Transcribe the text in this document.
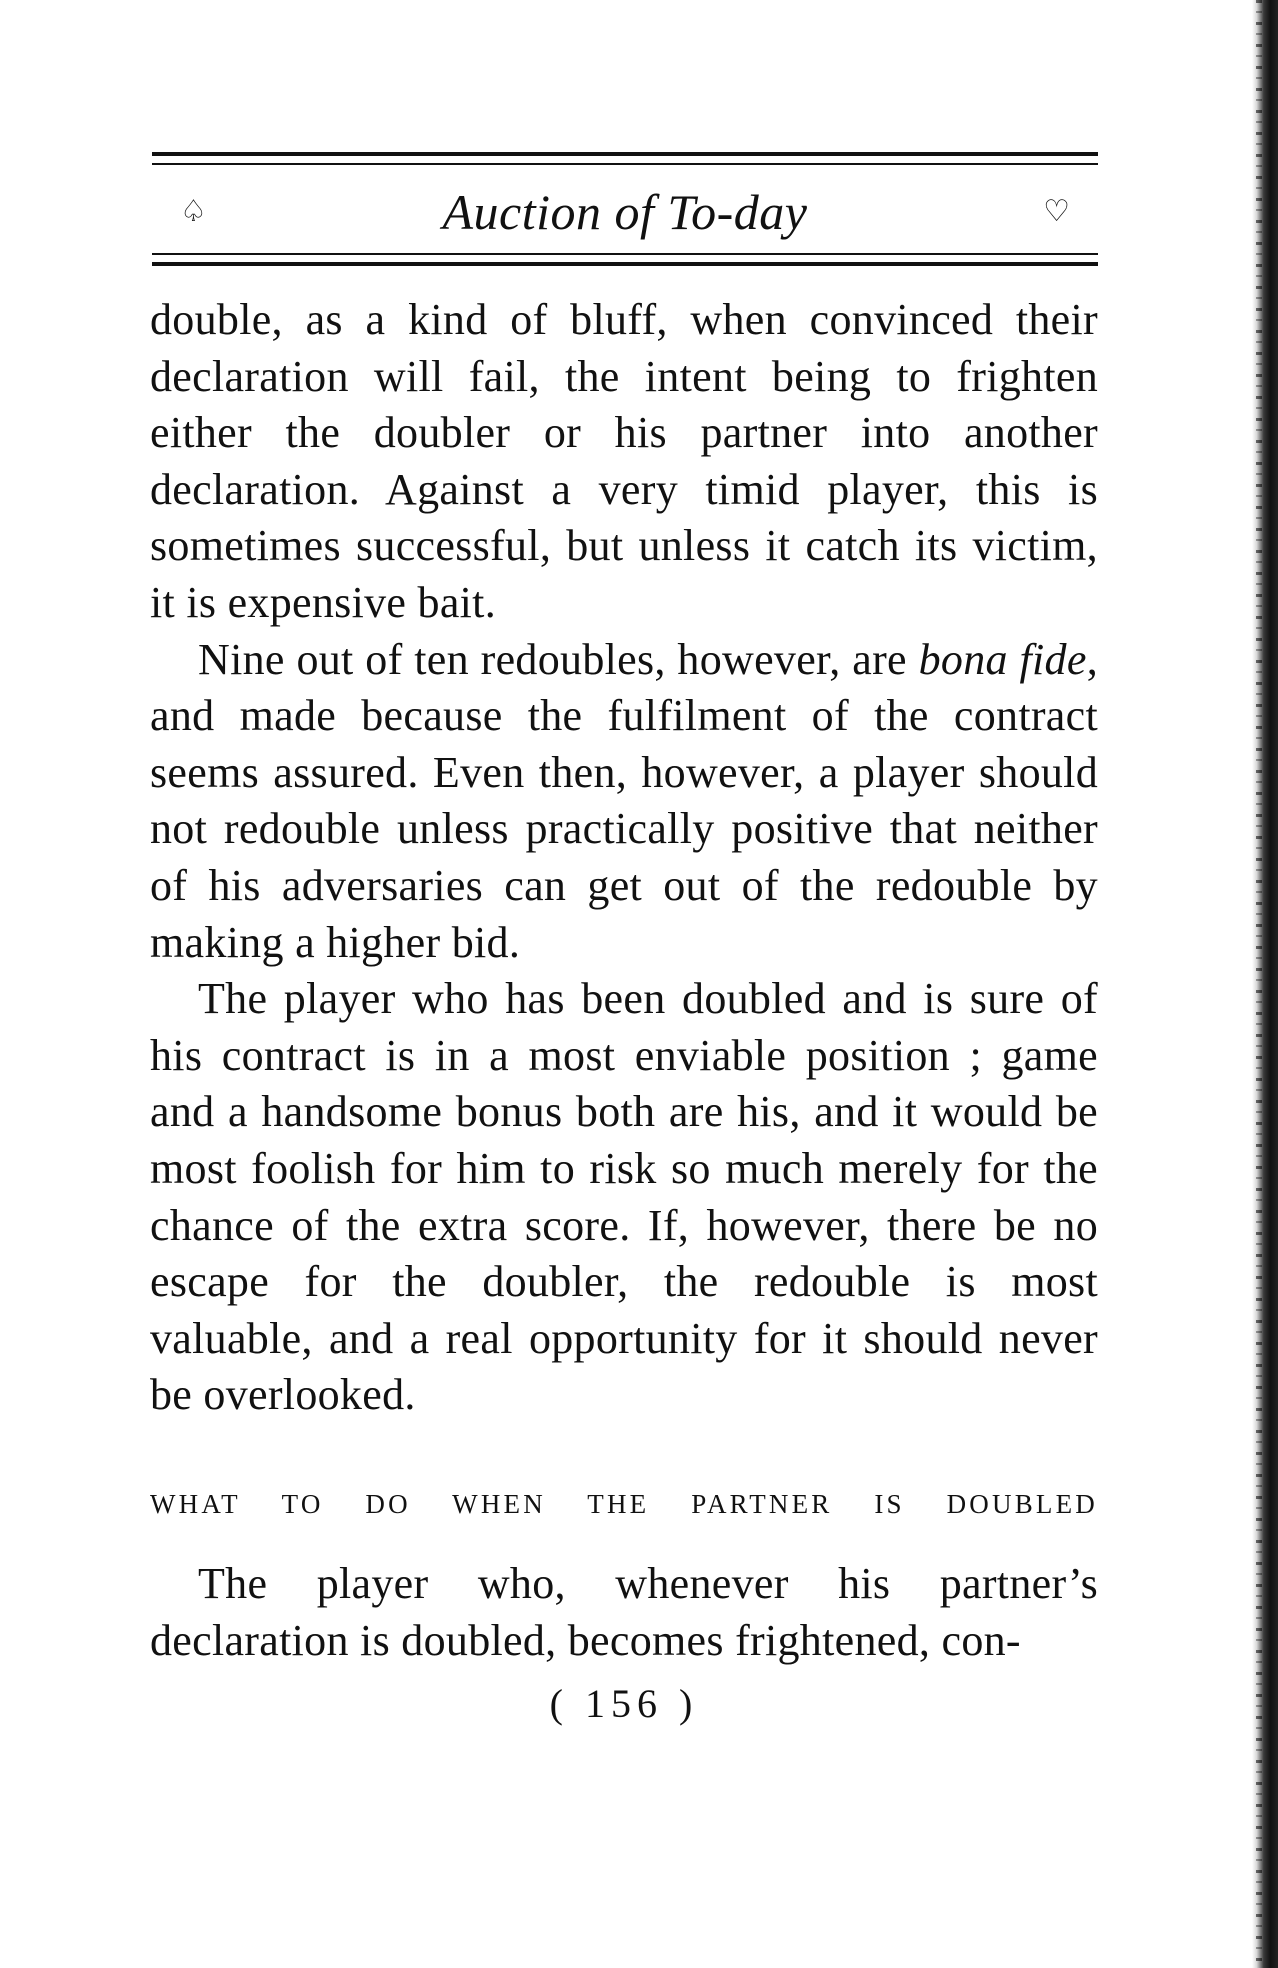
♤	Auction of To-day	♡

double, as a kind of bluff, when convinced their declaration will fail, the intent being to frighten either the doubler or his partner into another declaration. Against a very timid player, this is sometimes successful, but unless it catch its victim, it is expensive bait.

Nine out of ten redoubles, however, are bona fide, and made because the fulfilment of the contract seems assured. Even then, however, a player should not redouble unless practically positive that neither of his adversaries can get out of the redouble by making a higher bid.

The player who has been doubled and is sure of his contract is in a most enviable position ; game and a handsome bonus both are his, and it would be most foolish for him to risk so much merely for the chance of the extra score. If, however, there be no escape for the doubler, the redouble is most valuable, and a real opportunity for it should never be overlooked.

WHAT TO DO WHEN THE PARTNER IS DOUBLED

The player who, whenever his partner’s declaration is doubled, becomes frightened, con-

( 156 )
